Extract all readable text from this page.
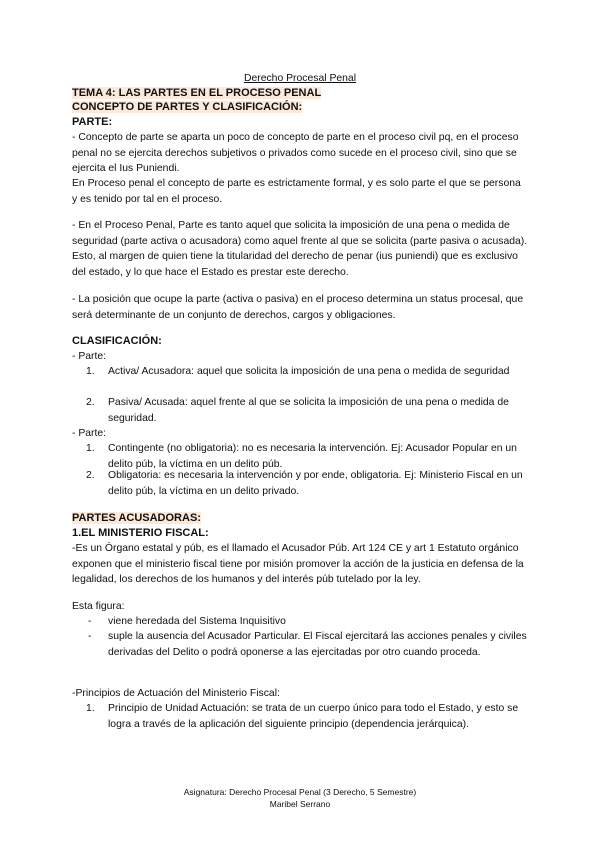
Derecho Procesal Penal
TEMA 4: LAS PARTES EN EL PROCESO PENAL
CONCEPTO DE PARTES Y CLASIFICACIÓN:
PARTE:
- Concepto de parte se aparta un poco de concepto de parte en el proceso civil pq, en el proceso penal no se ejercita derechos subjetivos o privados como sucede en el proceso civil, sino que se ejercita el Ius Puniendi.
En Proceso penal el concepto de parte es estrictamente formal, y es solo parte el que se persona y es tenido por tal en el proceso.
- En el Proceso Penal, Parte es tanto aquel que solicita la imposición de una pena o medida de seguridad (parte activa o acusadora) como aquel frente al que se solicita (parte pasiva o acusada). Esto, al margen de quien tiene la titularidad del derecho de penar (ius puniendi) que es exclusivo del estado, y lo que hace el Estado es prestar este derecho.
- La posición que ocupe la parte (activa o pasiva) en el proceso determina un status procesal, que será determinante de un conjunto de derechos, cargos y obligaciones.
CLASIFICACIÓN:
- Parte:
1. Activa/ Acusadora: aquel que solicita la imposición de una pena o medida de seguridad
2. Pasiva/ Acusada: aquel frente al que se solicita la imposición de una pena o medida de seguridad.
- Parte:
1. Contingente (no obligatoria): no es necesaria la intervención. Ej: Acusador Popular en un delito púb, la víctima en un delito púb.
2. Obligatoria: es necesaria la intervención y por ende, obligatoria. Ej: Ministerio Fiscal en un delito púb, la víctima en un delito privado.
PARTES ACUSADORAS:
1.EL MINISTERIO FISCAL:
-Es un Órgano estatal y púb, es el llamado el Acusador Púb. Art 124 CE y art 1 Estatuto orgánico exponen que el ministerio fiscal tiene por misión promover la acción de la justicia en defensa de la legalidad, los derechos de los humanos y del interés púb tutelado por la ley.
Esta figura:
- viene heredada del Sistema Inquisitivo
- suple la ausencia del Acusador Particular. El Fiscal ejercitará las acciones penales y civiles derivadas del Delito o podrá oponerse a las ejercitadas por otro cuando proceda.
-Principios de Actuación del Ministerio Fiscal:
1. Principio de Unidad Actuación: se trata de un cuerpo único para todo el Estado, y esto se logra a través de la aplicación del siguiente principio (dependencia jerárquica).
Asignatura: Derecho Procesal Penal (3 Derecho, 5 Semestre)
Maribel Serrano
